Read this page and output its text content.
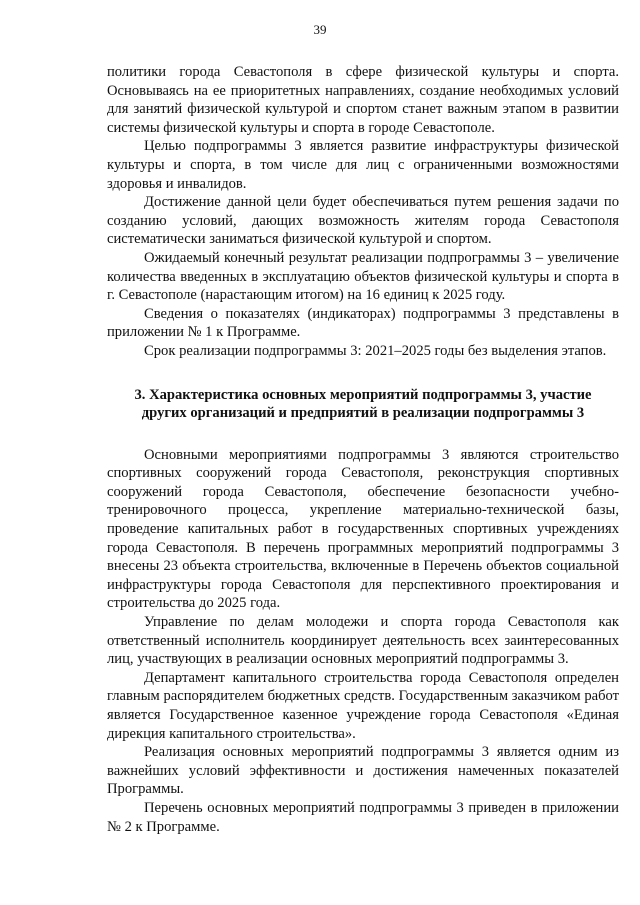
39

политики города Севастополя в сфере физической культуры и спорта. Основываясь на ее приоритетных направлениях, создание необходимых условий для занятий физической культурой и спортом станет важным этапом в развитии системы физической культуры и спорта в городе Севастополе.

Целью подпрограммы 3 является развитие инфраструктуры физической культуры и спорта, в том числе для лиц с ограниченными возможностями здоровья и инвалидов.

Достижение данной цели будет обеспечиваться путем решения задачи по созданию условий, дающих возможность жителям города Севастополя систематически заниматься физической культурой и спортом.

Ожидаемый конечный результат реализации подпрограммы 3 – увеличение количества введенных в эксплуатацию объектов физической культуры и спорта в г. Севастополе (нарастающим итогом) на 16 единиц к 2025 году.

Сведения о показателях (индикаторах) подпрограммы 3 представлены в приложении № 1 к Программе.

Срок реализации подпрограммы 3: 2021–2025 годы без выделения этапов.

3. Характеристика основных мероприятий подпрограммы 3, участие других организаций и предприятий в реализации подпрограммы 3

Основными мероприятиями подпрограммы 3 являются строительство спортивных сооружений города Севастополя, реконструкция спортивных сооружений города Севастополя, обеспечение безопасности учебно-тренировочного процесса, укрепление материально-технической базы, проведение капитальных работ в государственных спортивных учреждениях города Севастополя. В перечень программных мероприятий подпрограммы 3 внесены 23 объекта строительства, включенные в Перечень объектов социальной инфраструктуры города Севастополя для перспективного проектирования и строительства до 2025 года.

Управление по делам молодежи и спорта города Севастополя как ответственный исполнитель координирует деятельность всех заинтересованных лиц, участвующих в реализации основных мероприятий подпрограммы 3.

Департамент капитального строительства города Севастополя определен главным распорядителем бюджетных средств. Государственным заказчиком работ является Государственное казенное учреждение города Севастополя «Единая дирекция капитального строительства».

Реализация основных мероприятий подпрограммы 3 является одним из важнейших условий эффективности и достижения намеченных показателей Программы.

Перечень основных мероприятий подпрограммы 3 приведен в приложении № 2 к Программе.
